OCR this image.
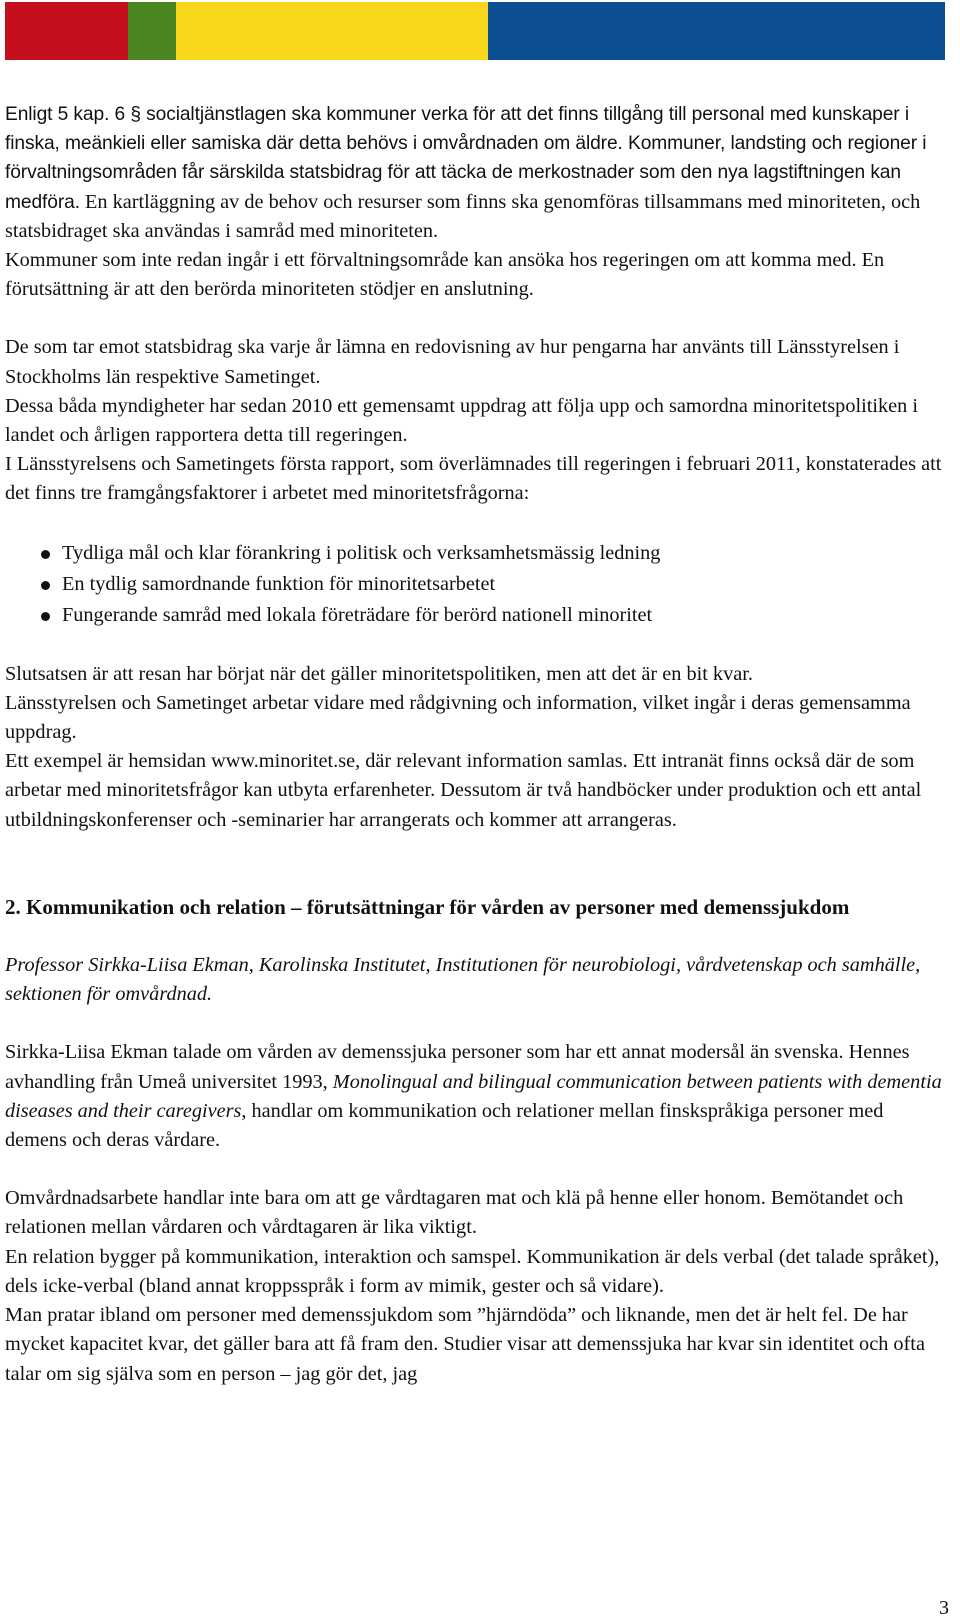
Enligt 5 kap. 6 § socialtjänstlagen ska kommuner verka för att det finns tillgång till personal med kunskaper i finska, meänkieli eller samiska där detta behövs i omvårdnaden om äldre. Kommuner, landsting och regioner i förvaltningsområden får särskilda statsbidrag för att täcka de merkostnader som den nya lagstiftningen kan medföra. En kartläggning av de behov och resurser som finns ska genomföras tillsammans med minoriteten, och statsbidraget ska användas i samråd med minoriteten.

Kommuner som inte redan ingår i ett förvaltningsområde kan ansöka hos regeringen om att komma med. En förutsättning är att den berörda minoriteten stödjer en anslutning.

De som tar emot statsbidrag ska varje år lämna en redovisning av hur pengarna har använts till Länsstyrelsen i Stockholms län respektive Sametinget.

Dessa båda myndigheter har sedan 2010 ett gemensamt uppdrag att följa upp och samordna minoritetspolitiken i landet och årligen rapportera detta till regeringen.

I Länsstyrelsens och Sametingets första rapport, som överlämnades till regeringen i februari 2011, konstaterades att det finns tre framgångsfaktorer i arbetet med minoritetsfrågorna:

Tydliga mål och klar förankring i politisk och verksamhetsmässig ledning
En tydlig samordnande funktion för minoritetsarbetet
Fungerande samråd med lokala företrädare för berörd nationell minoritet

Slutsatsen är att resan har börjat när det gäller minoritetspolitiken, men att det är en bit kvar.

Länsstyrelsen och Sametinget arbetar vidare med rådgivning och information, vilket ingår i deras gemensamma uppdrag.

Ett exempel är hemsidan www.minoritet.se, där relevant information samlas. Ett intranät finns också där de som arbetar med minoritetsfrågor kan utbyta erfarenheter. Dessutom är två handböcker under produktion och ett antal utbildningskonferenser och -seminarier har arrangerats och kommer att arrangeras.

2. Kommunikation och relation – förutsättningar för vården av personer med demenssjukdom

Professor Sirkka-Liisa Ekman, Karolinska Institutet, Institutionen för neurobiologi, vårdvetenskap och samhälle, sektionen för omvårdnad.

Sirkka-Liisa Ekman talade om vården av demenssjuka personer som har ett annat modersål än svenska. Hennes avhandling från Umeå universitet 1993, Monolingual and bilingual communication between patients with dementia diseases and their caregivers, handlar om kommunikation och relationer mellan finskspråkiga personer med demens och deras vårdare.

Omvårdnadsarbete handlar inte bara om att ge vårdtagaren mat och klä på henne eller honom. Bemötandet och relationen mellan vårdaren och vårdtagaren är lika viktigt.

En relation bygger på kommunikation, interaktion och samspel. Kommunikation är dels verbal (det talade språket), dels icke-verbal (bland annat kroppsspråk i form av mimik, gester och så vidare).

Man pratar ibland om personer med demenssjukdom som ”hjärndöda” och liknande, men det är helt fel. De har mycket kapacitet kvar, det gäller bara att få fram den. Studier visar att demenssjuka har kvar sin identitet och ofta talar om sig själva som en person – jag gör det, jag

3
